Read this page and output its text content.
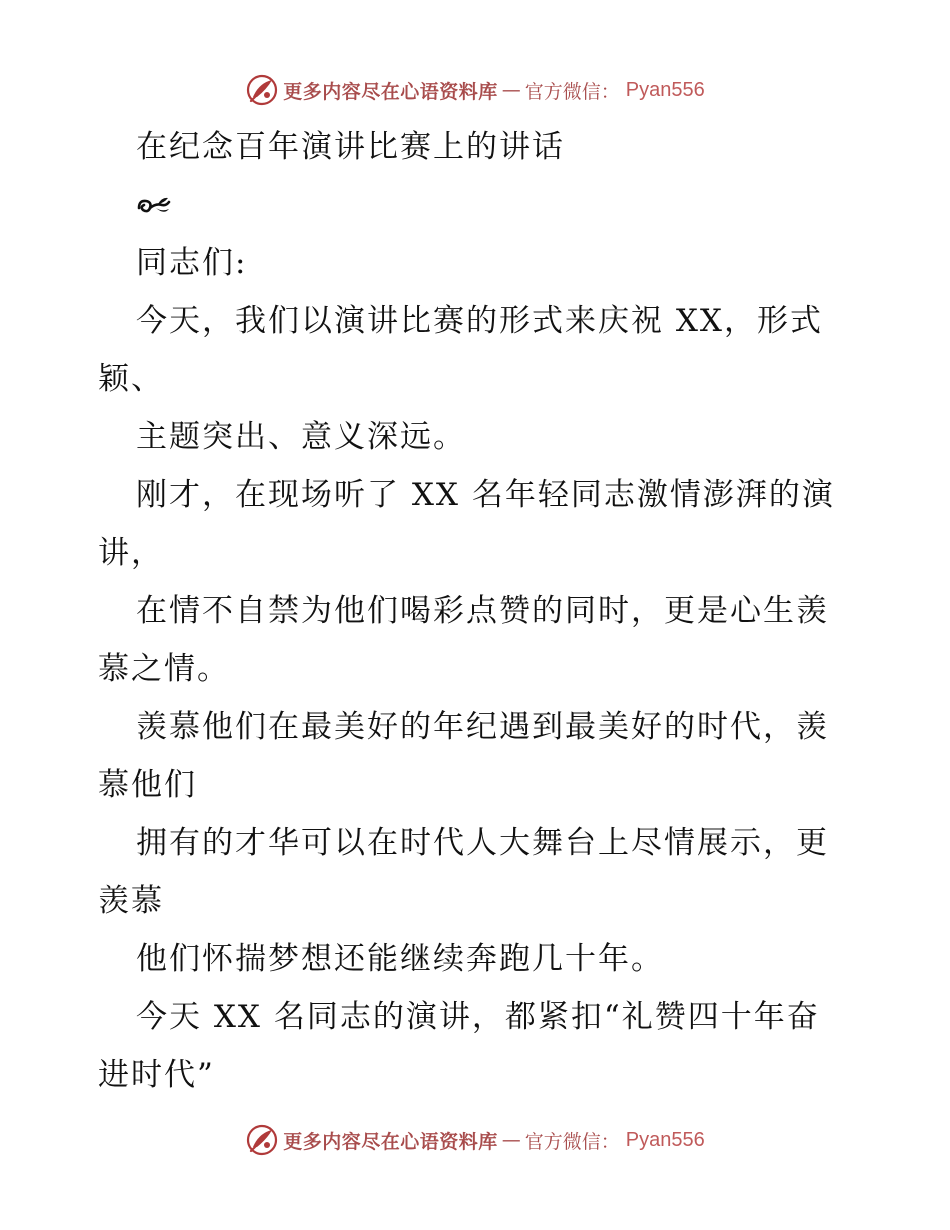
更多内容尽在心语资料库 — 官方微信： Pyan556
在纪念百年演讲比赛上的讲话
同志们:
今天，我们以演讲比赛的形式来庆祝 XX，形式
颖、
主题突出、意义深远。
刚才，在现场听了 XX 名年轻同志激情澎湃的演
讲，
在情不自禁为他们喝彩点赞的同时，更是心生羡
慕之情。
羡慕他们在最美好的年纪遇到最美好的时代，羡
慕他们
拥有的才华可以在时代人大舞台上尽情展示，更
羡慕
他们怀揣梦想还能继续奔跑几十年。
今天 XX 名同志的演讲，都紧扣“礼赞四十年奋
进时代”
更多内容尽在心语资料库 — 官方微信： Pyan556
